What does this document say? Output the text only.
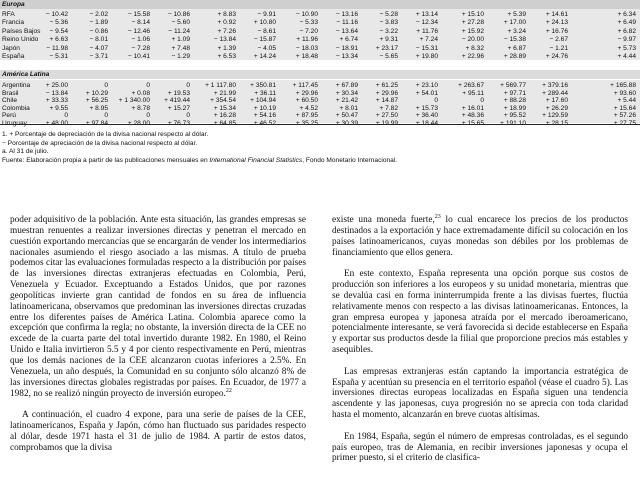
Europa
RFA	− 10.42	− 2.02	− 15.58	− 10.86	+ 8.83	− 9.91	− 10.90	− 13.16	− 5.28	+ 13.14	+ 15.10	+ 5.39	+ 14.61	+ 6.34
Francia	− 5.36	− 1.89	− 8.14	− 5.60	+ 0.92	+ 10.80	− 5.33	− 11.16	− 3.83	− 12.34	+ 27.28	+ 17.00	+ 24.13	+ 6.49
Países Bajos	− 9.54	− 0.86	− 12.46	− 11.24	+ 7.26	− 8.61	− 7.20	− 13.64	− 3.22	+ 11.76	+ 15.92	+ 3.24	+ 16.76	+ 6.82
Reino Unido	+ 6.63	− 8.01	− 1.06	+ 1.09	− 13.84	− 15.87	+ 11.96	+ 6.74	+ 9.31	+ 7.24	− 20.00	− 15.38	− 2.67	− 9.97
Japón	− 11.98	− 4.07	− 7.28	+ 7.48	+ 1.39	− 4.05	− 18.03	− 18.91	+ 23.17	− 15.31	+ 8.32	+ 6.87	− 1.21	+ 5.73
España	− 5.31	− 3.71	− 10.41	− 1.29	+ 6.53	+ 14.24	+ 18.48	− 13.34	− 5.65	+ 19.80	+ 22.96	+ 28.89	+ 24.76	+ 4.44
América Latina
Argentina	+ 25.00	0	0	0	+ 1 117.80	+ 350.81	+ 117.45	+ 67.89	+ 61.25	+ 23.10	+ 263.67	+ 569.77	+ 379.16	+ 165.88
Brasil	− 13.84	+ 10.29	+ 0.08	+ 19.53	+ 21.99	+ 36.11	+ 29.96	+ 30.34	+ 29.96	+ 54.01	+ 95.11	+ 97.71	+ 289.44	+ 93.60
Chile	+ 33.33	+ 56.25	+ 1 340.00	+ 419.44	+ 354.54	+ 104.94	+ 60.50	+ 21.42	+ 14.87	0	0	+ 88.28	+ 17.60	+ 5.44
Colombia	+ 9.55	+ 8.95	+ 8.78	+ 15.27	+ 15.34	+ 10.19	+ 4.52	+ 8.01	+ 7.82	+ 15.73	+ 16.01	+ 18.99	+ 26.29	+ 15.64
Perú	0	0	0	0	+ 16.28	+ 54.16	+ 87.95	+ 50.47	+ 27.50	+ 36.40	+ 48.36	+ 95.52	+ 129.59	+ 57.26
1. + Porcentaje de depreciación de la divisa nacional respecto al dólar.
− Porcentaje de apreciación de la divisa nacional respecto al dólar.
a. Al 31 de julio.
Fuente: Elaboración propia a partir de las publicaciones mensuales en International Financial Statistics, Fondo Monetario Internacional.

poder adquisitivo de la población. Ante esta situación, las grandes empresas se muestran renuentes a realizar inversiones directas y penetran el mercado en cuestión exportando mercancías que se encargarán de vender los intermediarios nacionales asumiendo el riesgo asociado a las mismas. A título de prueba podemos citar las evaluaciones formuladas respecto a la distribución por países de las inversiones directas extranjeras efectuadas en Colombia, Perú, Venezuela y Ecuador. Exceptuando a Estados Unidos, que por razones geopolíticas invierte gran cantidad de fondos en su área de influencia latinoamericana, observamos que predominan las inversiones directas cruzadas entre los diferentes países de América Latina. Colombia aparece como la excepción que confirma la regla; no obstante, la inversión directa de la CEE no excede de la cuarta parte del total invertido durante 1982. En 1980, el Reino Unido e Italia invirtieron 5.5 y 4 por ciento respectivamente en Perú, mientras que los demás naciones de la CEE alcanzaron cuotas inferiores a 2.5%. En Venezuela, un año después, la Comunidad en su conjunto sólo alcanzó 8% de las inversiones directas globales registradas por países. En Ecuador, de 1977 a 1982, no se realizó ningún proyecto de inversión europeo.$^{22}$

A continuación, el cuadro 4 expone, para una serie de países de la CEE, latinoamericanos, España y Japón, cómo han fluctuado sus paridades respecto al dólar, desde 1971 hasta el 31 de julio de 1984. A partir de estos datos, comprobamos que la divisa

existe una moneda fuerte,$^{23}$ lo cual encarece los precios de los productos destinados a la exportación y hace extremadamente difícil su colocación en los países latinoamericanos, cuyas monedas son débiles por los problemas de financiamiento que ellos genera.

En este contexto, España representa una opción porque sus costos de producción son inferiores a los europeos y su unidad monetaria, mientras que se devalúa casi en forma ininterrumpida frente a las divisas fuertes, fluctúa relativamente menos con respecto a las divisas latinoamericanas. Entonces, la gran empresa europea y japonesa atraída por el mercado iberoamericano, potencialmente interesante, se verá favorecida si decide establecerse en España y exportar sus productos desde la filial que proporcione precios más estables y asequibles.

Las empresas extranjeras están captando la importancia estratégica de España y acentúan su presencia en el territorio español (véase el cuadro 5). Las inversiones directas europeas localizadas en España siguen una tendencia ascendente y las japonesas, cuya progresión no se aprecia con toda claridad hasta el momento, alcanzarán en breve cuotas altísimas.

En 1984, España, según el número de empresas controladas, es el segundo país europeo, tras de Alemania, en recibir inversiones japonesas y ocupa el primer puesto, si el criterio de clasifica-
